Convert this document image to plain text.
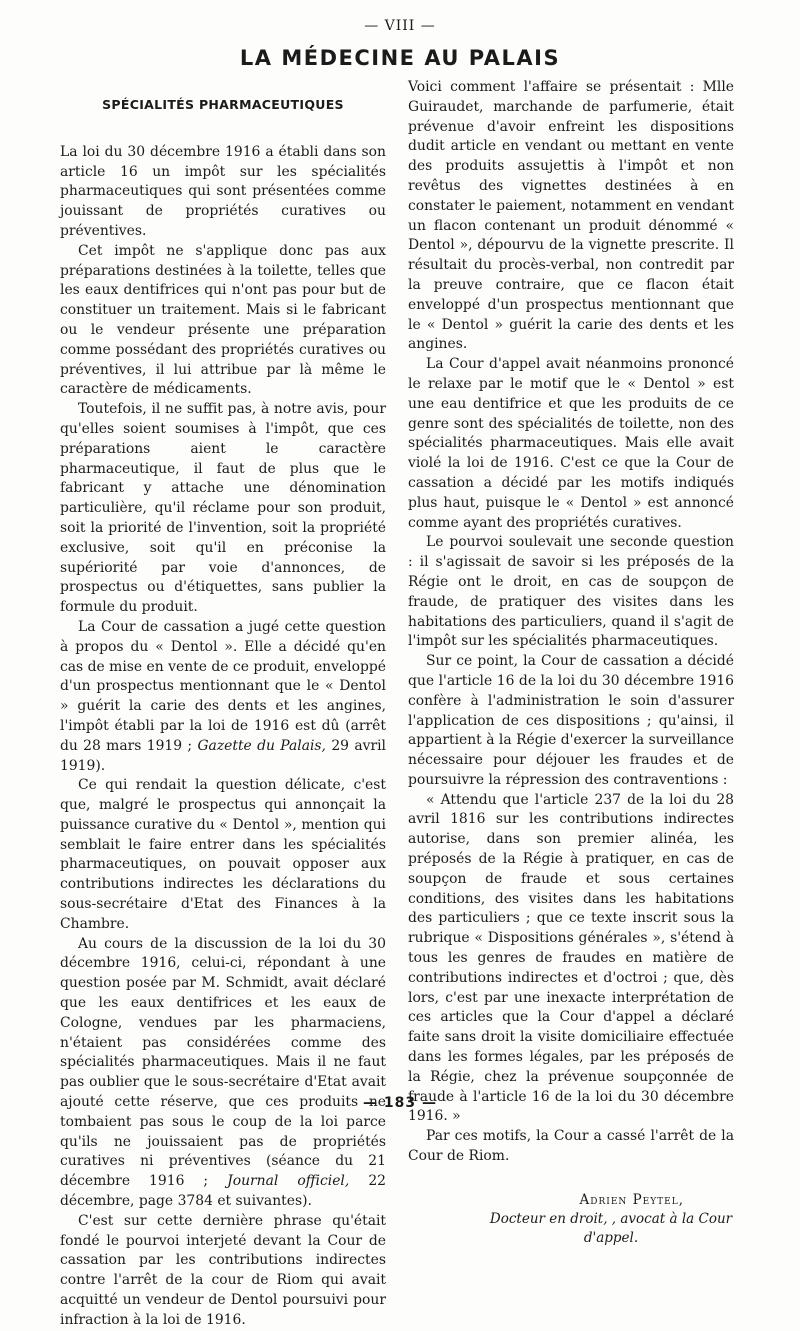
— VIII —
LA MÉDECINE AU PALAIS
SPÉCIALITÉS PHARMACEUTIQUES

La loi du 30 décembre 1916 a établi dans son article 16 un impôt sur les spécialités pharmaceutiques qui sont présentées comme jouissant de propriétés curatives ou préventives.

Cet impôt ne s'applique donc pas aux préparations destinées à la toilette, telles que les eaux dentifrices qui n'ont pas pour but de constituer un traitement. Mais si le fabricant ou le vendeur présente une préparation comme possédant des propriétés curatives ou préventives, il lui attribue par là même le caractère de médicaments.

Toutefois, il ne suffit pas, à notre avis, pour qu'elles soient soumises à l'impôt, que ces préparations aient le caractère pharmaceutique, il faut de plus que le fabricant y attache une dénomination particulière, qu'il réclame pour son produit, soit la priorité de l'invention, soit la propriété exclusive, soit qu'il en préconise la supériorité par voie d'annonces, de prospectus ou d'étiquettes, sans publier la formule du produit.

La Cour de cassation a jugé cette question à propos du « Dentol ». Elle a décidé qu'en cas de mise en vente de ce produit, enveloppé d'un prospectus mentionnant que le « Dentol » guérit la carie des dents et les angines, l'impôt établi par la loi de 1916 est dû (arrêt du 28 mars 1919 ; Gazette du Palais, 29 avril 1919).

Ce qui rendait la question délicate, c'est que, malgré le prospectus qui annonçait la puissance curative du « Dentol », mention qui semblait le faire entrer dans les spécialités pharmaceutiques, on pouvait opposer aux contributions indirectes les déclarations du sous-secrétaire d'Etat des Finances à la Chambre.

Au cours de la discussion de la loi du 30 décembre 1916, celui-ci, répondant à une question posée par M. Schmidt, avait déclaré que les eaux dentifrices et les eaux de Cologne, vendues par les pharmaciens, n'étaient pas considérées comme des spécialités pharmaceutiques. Mais il ne faut pas oublier que le sous-secrétaire d'Etat avait ajouté cette réserve, que ces produits ne tombaient pas sous le coup de la loi parce qu'ils ne jouissaient pas de propriétés curatives ni préventives (séance du 21 décembre 1916 ; Journal officiel, 22 décembre, page 3784 et suivantes).

C'est sur cette dernière phrase qu'était fondé le pourvoi interjeté devant la Cour de cassation par les contributions indirectes contre l'arrêt de la cour de Riom qui avait acquitté un vendeur de Dentol poursuivi pour infraction à la loi de 1916.

Voici comment l'affaire se présentait : Mlle Guiraudet, marchande de parfumerie, était prévenue d'avoir enfreint les dispositions dudit article en vendant ou mettant en vente des produits assujettis à l'impôt et non revêtus des vignettes destinées à en constater le paiement, notamment en vendant un flacon contenant un produit dénommé « Dentol », dépourvu de la vignette prescrite. Il résultait du procès-verbal, non contredit par la preuve contraire, que ce flacon était enveloppé d'un prospectus mentionnant que le « Dentol » guérit la carie des dents et les angines.

La Cour d'appel avait néanmoins prononcé le relaxe par le motif que le « Dentol » est une eau dentifrice et que les produits de ce genre sont des spécialités de toilette, non des spécialités pharmaceutiques. Mais elle avait violé la loi de 1916. C'est ce que la Cour de cassation a décidé par les motifs indiqués plus haut, puisque le « Dentol » est annoncé comme ayant des propriétés curatives.

Le pourvoi soulevait une seconde question : il s'agissait de savoir si les préposés de la Régie ont le droit, en cas de soupçon de fraude, de pratiquer des visites dans les habitations des particuliers, quand il s'agit de l'impôt sur les spécialités pharmaceutiques.

Sur ce point, la Cour de cassation a décidé que l'article 16 de la loi du 30 décembre 1916 confère à l'administration le soin d'assurer l'application de ces dispositions ; qu'ainsi, il appartient à la Régie d'exercer la surveillance nécessaire pour déjouer les fraudes et de poursuivre la répression des contraventions :

« Attendu que l'article 237 de la loi du 28 avril 1816 sur les contributions indirectes autorise, dans son premier alinéa, les préposés de la Régie à pratiquer, en cas de soupçon de fraude et sous certaines conditions, des visites dans les habitations des particuliers ; que ce texte inscrit sous la rubrique « Dispositions générales », s'étend à tous les genres de fraudes en matière de contributions indirectes et d'octroi ; que, dès lors, c'est par une inexacte interprétation de ces articles que la Cour d'appel a déclaré faite sans droit la visite domiciliaire effectuée dans les formes légales, par les préposés de la Régie, chez la prévenue soupçonnée de fraude à l'article 16 de la loi du 30 décembre 1916. »

Par ces motifs, la Cour a cassé l'arrêt de la Cour de Riom.

Adrien Peytel,
Docteur en droit, , avocat à la Cour d'appel.
— 183 —
